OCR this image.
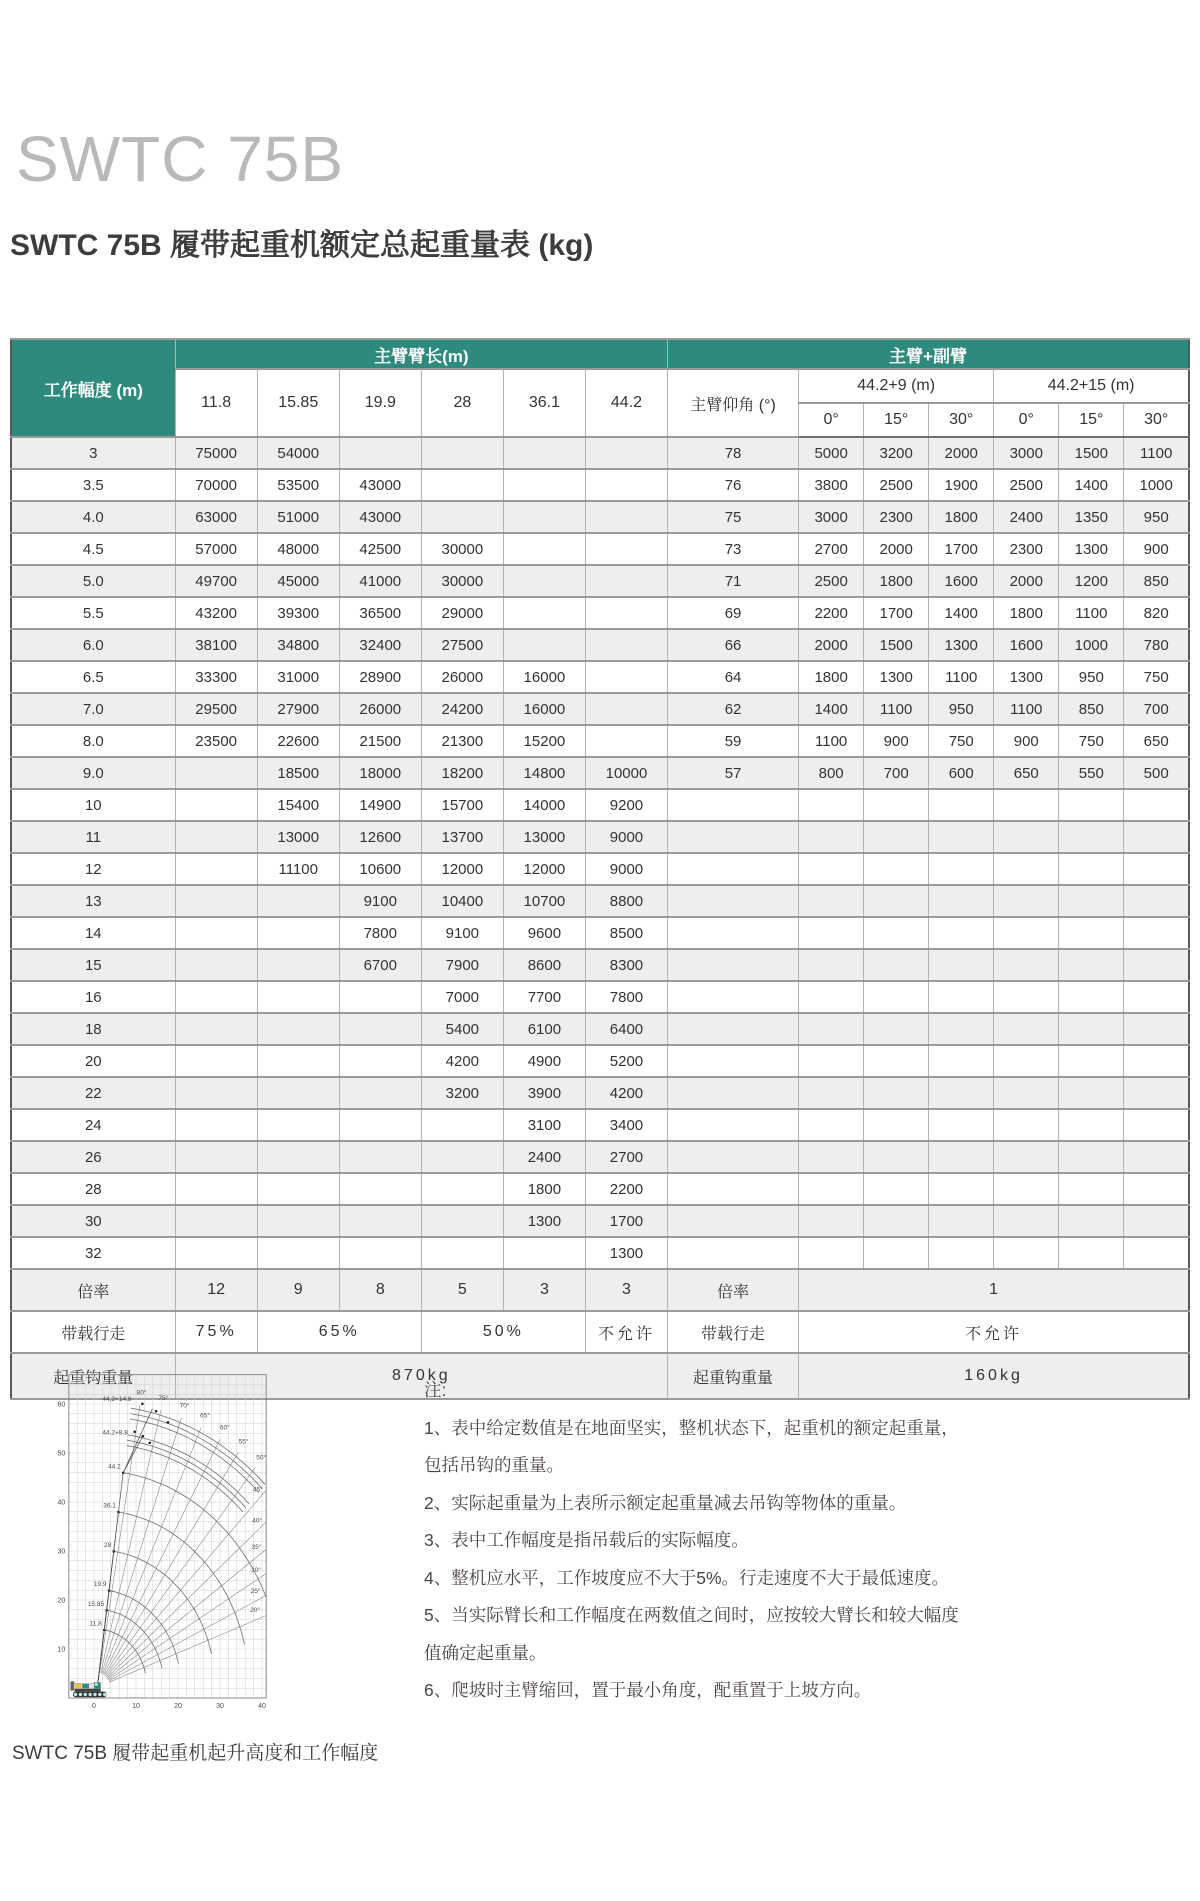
SWTC 75B
SWTC 75B 履带起重机额定总起重量表 (kg)
工作幅度 (m)	主臂臂长(m)						主臂+副臂						
	11.8	15.85	19.9	28	36.1	44.2	主臂仰角 (°)	44.2+9 (m)			44.2+15 (m)		
								0°	15°	30°	0°	15°	30°
3	75000	54000					78	5000	3200	2000	3000	1500	1100
3.5	70000	53500	43000				76	3800	2500	1900	2500	1400	1000
4.0	63000	51000	43000				75	3000	2300	1800	2400	1350	950
4.5	57000	48000	42500	30000			73	2700	2000	1700	2300	1300	900
5.0	49700	45000	41000	30000			71	2500	1800	1600	2000	1200	850
5.5	43200	39300	36500	29000			69	2200	1700	1400	1800	1100	820
6.0	38100	34800	32400	27500			66	2000	1500	1300	1600	1000	780
6.5	33300	31000	28900	26000	16000		64	1800	1300	1100	1300	950	750
7.0	29500	27900	26000	24200	16000		62	1400	1100	950	1100	850	700
8.0	23500	22600	21500	21300	15200		59	1100	900	750	900	750	650
9.0		18500	18000	18200	14800	10000	57	800	700	600	650	550	500
10		15400	14900	15700	14000	9200							
11		13000	12600	13700	13000	9000							
12		11100	10600	12000	12000	9000							
13			9100	10400	10700	8800							
14			7800	9100	9600	8500							
15			6700	7900	8600	8300							
16				7000	7700	7800							
18				5400	6100	6400							
20				4200	4900	5200							
22				3200	3900	4200							
24					3100	3400							
26					2400	2700							
28					1800	2200							
30					1300	1700							
32						1300							
倍率	12	9	8	5	3	3	倍率	1					
带载行走	75%	65%		50%		不允许	带载行走	不允许					
起重钩重量	870kg						起重钩重量	160kg					
20°
25°
30°
35°
40°
45°
50°
55°
60°
65°
70°
75°
80°
11.8
15.85
19.9
28
36.1
44.2
44.2+8.8
44.2+14.8
0	10	20	30	40
10
20
30
40
50
60
SWTC 75B 履带起重机起升高度和工作幅度
注:
1、表中给定数值是在地面坚实，整机状态下，起重机的额定起重量，包括吊钩的重量。
2、实际起重量为上表所示额定起重量减去吊钩等物体的重量。
3、表中工作幅度是指吊载后的实际幅度。
4、整机应水平，工作坡度应不大于5%。行走速度不大于最低速度。
5、当实际臂长和工作幅度在两数值之间时，应按较大臂长和较大幅度值确定起重量。
6、爬坡时主臂缩回，置于最小角度，配重置于上坡方向。
